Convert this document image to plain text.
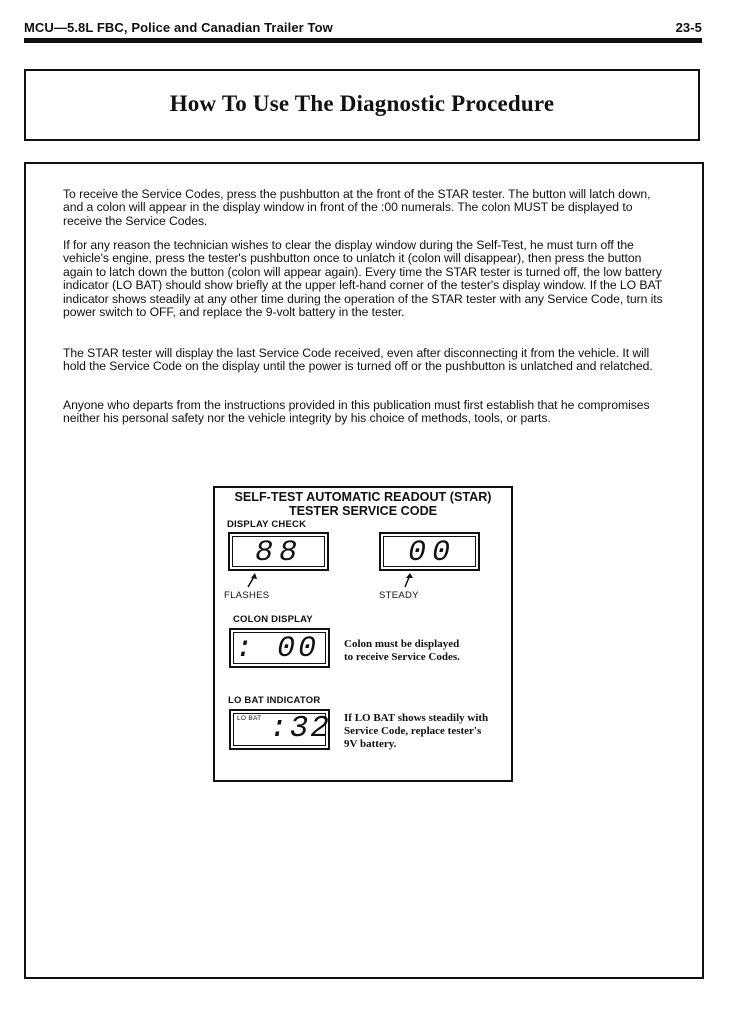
MCU—5.8L FBC, Police and Canadian Trailer Tow	23-5
How To Use The Diagnostic Procedure

To receive the Service Codes, press the pushbutton at the front of the STAR tester. The button will latch down, and a colon will appear in the display window in front of the :00 numerals. The colon MUST be displayed to receive the Service Codes.

If for any reason the technician wishes to clear the display window during the Self-Test, he must turn off the vehicle's engine, press the tester's pushbutton once to unlatch it (colon will disappear), then press the button again to latch down the button (colon will appear again). Every time the STAR tester is turned off, the low battery indicator (LO BAT) should show briefly at the upper left-hand corner of the tester's display window. If the LO BAT indicator shows steadily at any other time during the operation of the STAR tester with any Service Code, turn its power switch to OFF, and replace the 9-volt battery in the tester.

The STAR tester will display the last Service Code received, even after disconnecting it from the vehicle. It will hold the Service Code on the display until the power is turned off or the pushbutton is unlatched and relatched.

Anyone who departs from the instructions provided in this publication must first establish that he compromises neither his personal safety nor the vehicle integrity by his choice of methods, tools, or parts.

SELF-TEST AUTOMATIC READOUT (STAR)
TESTER SERVICE CODE
DISPLAY CHECK
88
FLASHES
00
STEADY
COLON DISPLAY
: 00 Colon must be displayed
to receive Service Codes.
LO BAT INDICATOR
LO BAT :32 If LO BAT shows steadily with
Service Code, replace tester's
9V battery.
